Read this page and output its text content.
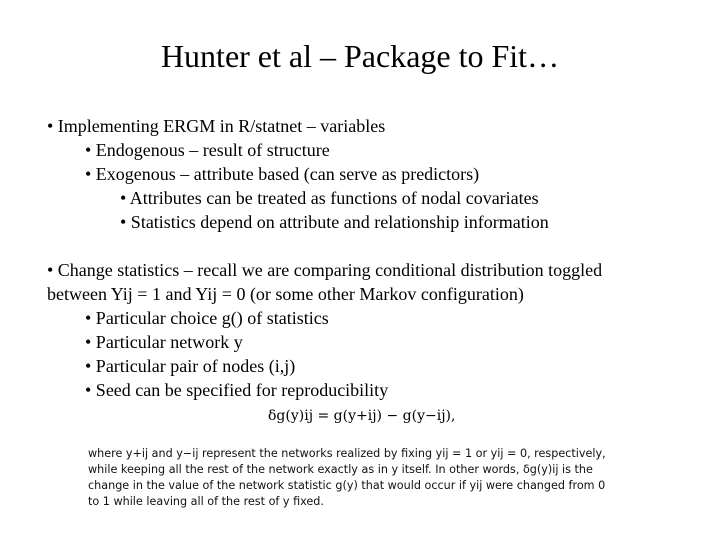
Hunter et al – Package to Fit…
• Implementing ERGM in R/statnet – variables
• Endogenous – result of structure
• Exogenous – attribute based (can serve as predictors)
• Attributes can be treated as functions of nodal covariates
• Statistics depend on attribute and relationship information
• Change statistics – recall we are comparing conditional distribution toggled
between Yij = 1 and Yij = 0 (or some other Markov configuration)
• Particular choice g() of statistics
• Particular network y
• Particular pair of nodes (i,j)
• Seed can be specified for reproducibility
δg(y)ij = g(y+ij) − g(y−ij),

where y+ij and y−ij represent the networks realized by fixing yij = 1 or yij = 0, respectively,

while keeping all the rest of the network exactly as in y itself. In other words, δg(y)ij is the

change in the value of the network statistic g(y) that would occur if yij were changed from 0

to 1 while leaving all of the rest of y fixed.
